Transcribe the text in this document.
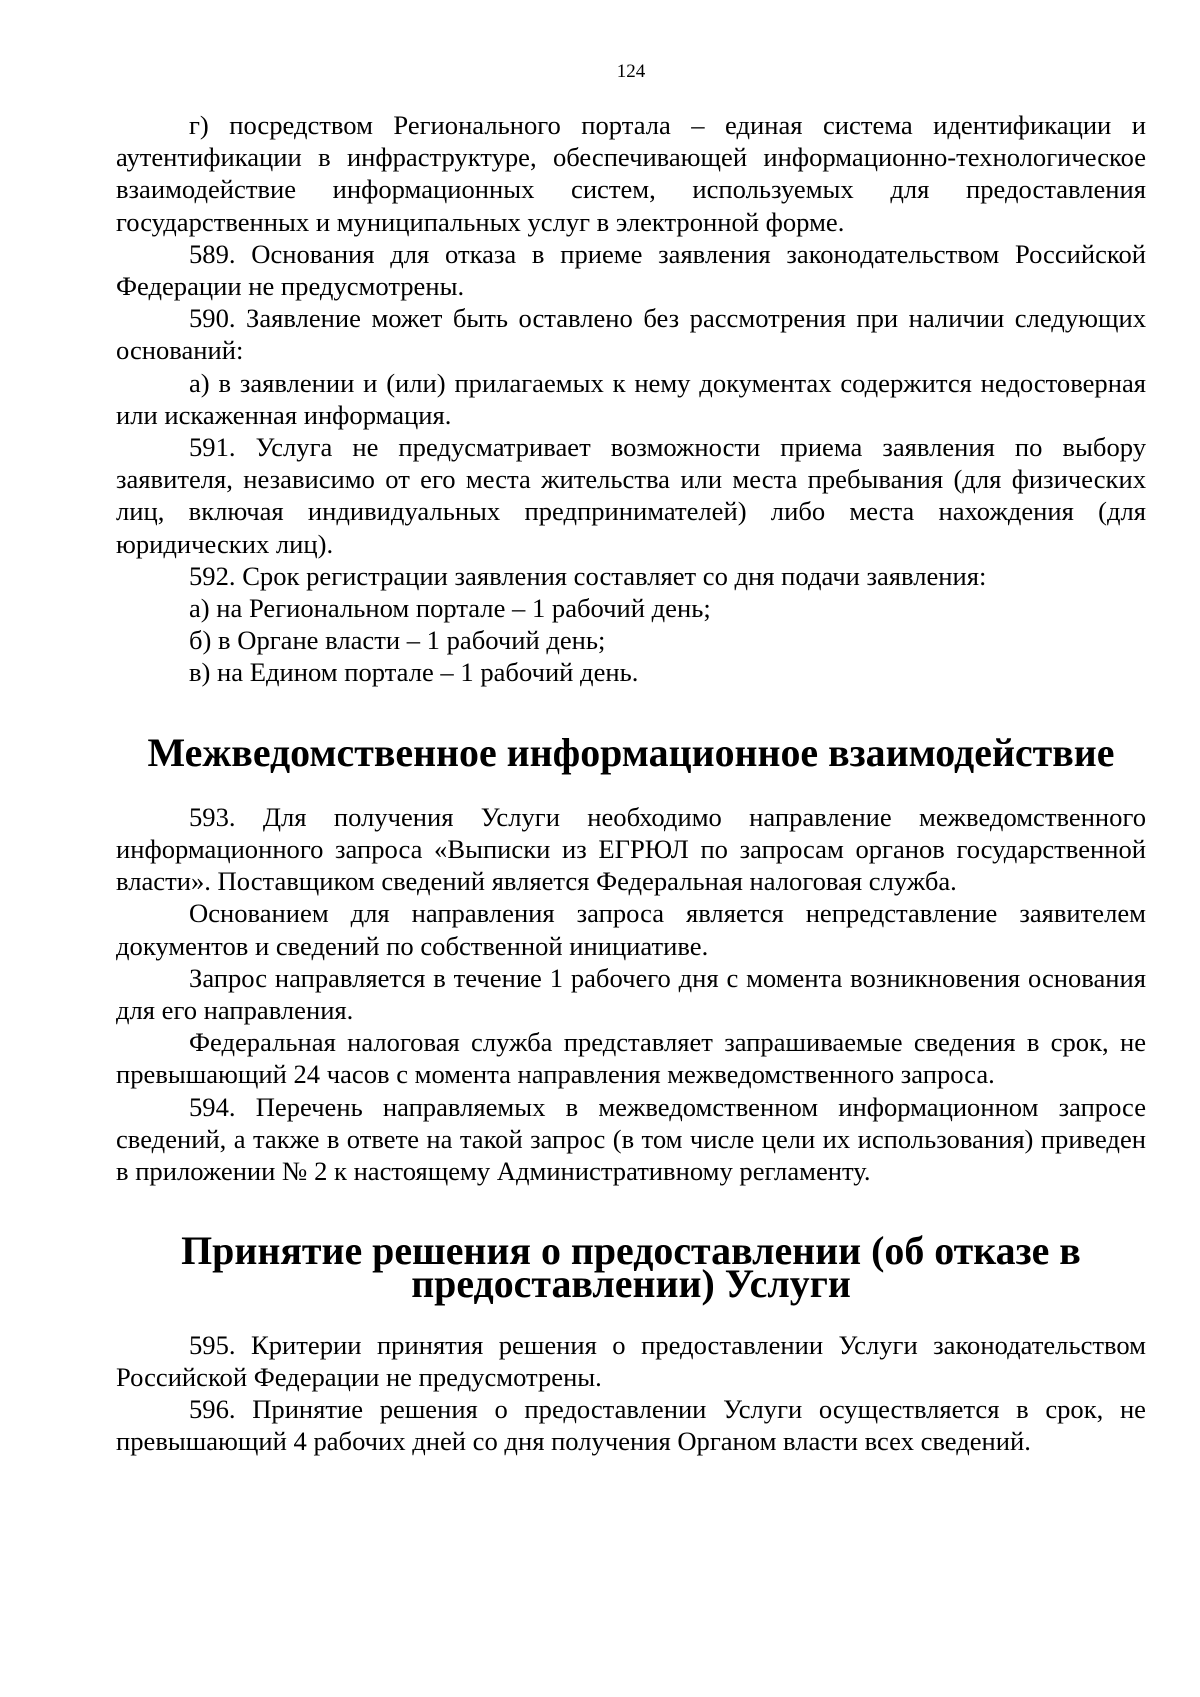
124

г) посредством Регионального портала – единая система идентификации и аутентификации в инфраструктуре, обеспечивающей информационно-технологическое взаимодействие информационных систем, используемых для предоставления государственных и муниципальных услуг в электронной форме.

589. Основания для отказа в приеме заявления законодательством Российской Федерации не предусмотрены.

590. Заявление может быть оставлено без рассмотрения при наличии следующих оснований:

а) в заявлении и (или) прилагаемых к нему документах содержится недостоверная или искаженная информация.

591. Услуга не предусматривает возможности приема заявления по выбору заявителя, независимо от его места жительства или места пребывания (для физических лиц, включая индивидуальных предпринимателей) либо места нахождения (для юридических лиц).

592. Срок регистрации заявления составляет со дня подачи заявления:

а) на Региональном портале – 1 рабочий день;

б) в Органе власти – 1 рабочий день;

в) на Едином портале – 1 рабочий день.

Межведомственное информационное взаимодействие

593. Для получения Услуги необходимо направление межведомственного информационного запроса «Выписки из ЕГРЮЛ по запросам органов государственной власти». Поставщиком сведений является Федеральная налоговая служба.

Основанием для направления запроса является непредставление заявителем документов и сведений по собственной инициативе.

Запрос направляется в течение 1 рабочего дня с момента возникновения основания для его направления.

Федеральная налоговая служба представляет запрашиваемые сведения в срок, не превышающий 24 часов с момента направления межведомственного запроса.

594. Перечень направляемых в межведомственном информационном запросе сведений, а также в ответе на такой запрос (в том числе цели их использования) приведен в приложении № 2 к настоящему Административному регламенту.

Принятие решения о предоставлении (об отказе в предоставлении) Услуги

595. Критерии принятия решения о предоставлении Услуги законодательством Российской Федерации не предусмотрены.

596. Принятие решения о предоставлении Услуги осуществляется в срок, не превышающий 4 рабочих дней со дня получения Органом власти всех сведений.
